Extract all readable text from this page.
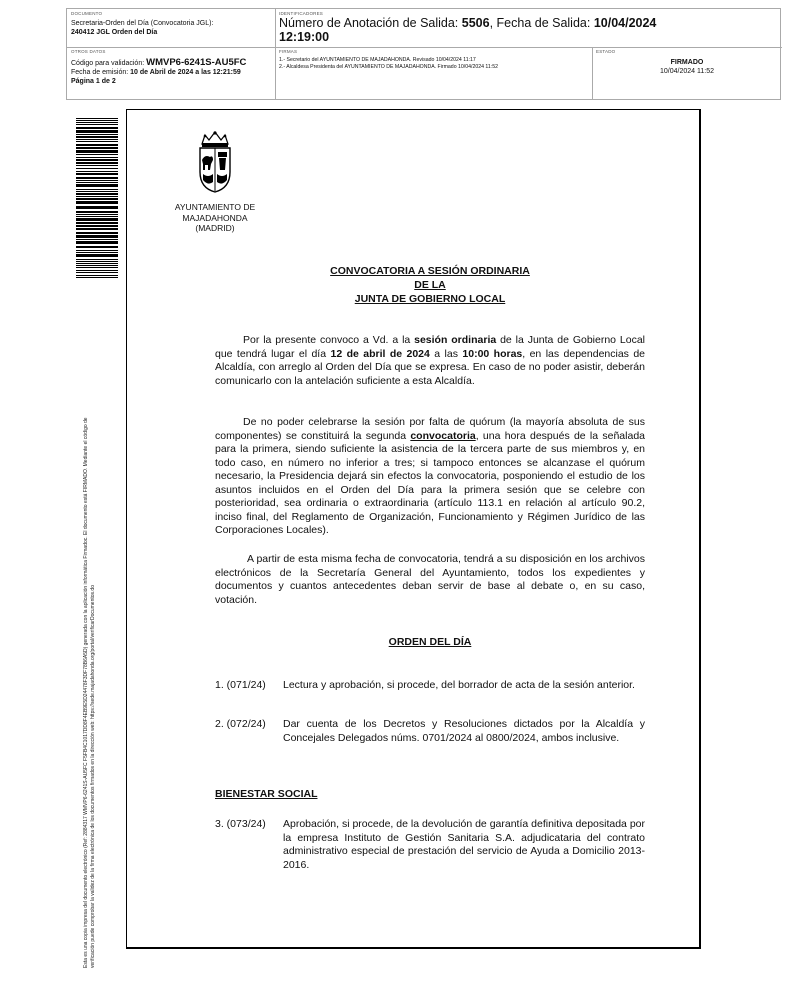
DOCUMENTO
Secretaria-Orden del Día (Convocatoria JGL):
240412 JGL Orden del Día
IDENTIFICADORES
Número de Anotación de Salida: 5506, Fecha de Salida: 10/04/2024
12:19:00
OTROS DATOS
Código para validación: WMVP6-6241S-AU5FC
Fecha de emisión: 10 de Abril de 2024 a las 12:21:59
Página 1 de 2
FIRMAS
1.- Secretario del AYUNTAMIENTO DE MAJADAHONDA. Revisado 10/04/2024 11:17
2.- Alcaldesa Presidenta del AYUNTAMIENTO DE MAJADAHONDA. Firmado 10/04/2024 11:52
ESTADO
FIRMADO
10/04/2024 11:52
Esta es una copia impresa del documento electrónico (Ref: 2884317 WMVP6-6241S-AU5FC F5FB4C1017DD8F4EB9E5D24478F3DF78B6A5D) generada con la aplicación informática Firmadoc. El documento está FIRMADO. Mediante el código de verificación puede comprobar la validez de la firma electrónica de los documentos firmados en la dirección web: https://sede.majadahonda.org/portal/verificarDocumentos.do
AYUNTAMIENTO DE
MAJADAHONDA
(MADRID)
CONVOCATORIA A SESIÓN ORDINARIA
DE LA
JUNTA DE GOBIERNO LOCAL

Por la presente convoco a Vd. a la sesión ordinaria de la Junta de Gobierno Local que tendrá lugar el día 12 de abril de 2024 a las 10:00 horas, en las dependencias de Alcaldía, con arreglo al Orden del Día que se expresa. En caso de no poder asistir, deberán comunicarlo con la antelación suficiente a esta Alcaldía.

De no poder celebrarse la sesión por falta de quórum (la mayoría absoluta de sus componentes) se constituirá la segunda convocatoria, una hora después de la señalada para la primera, siendo suficiente la asistencia de la tercera parte de sus miembros y, en todo caso, en número no inferior a tres; si tampoco entonces se alcanzase el quórum necesario, la Presidencia dejará sin efectos la convocatoria, posponiendo el estudio de los asuntos incluidos en el Orden del Día para la primera sesión que se celebre con posterioridad, sea ordinaria o extraordinaria (artículo 113.1 en relación al artículo 90.2, inciso final, del Reglamento de Organización, Funcionamiento y Régimen Jurídico de las Corporaciones Locales).

A partir de esta misma fecha de convocatoria, tendrá a su disposición en los archivos electrónicos de la Secretaría General del Ayuntamiento, todos los expedientes y documentos y cuantos antecedentes deban servir de base al debate o, en su caso, votación.

ORDEN DEL DÍA
1. (071/24)	Lectura y aprobación, si procede, del borrador de acta de la sesión anterior.
2. (072/24)	Dar cuenta de los Decretos y Resoluciones dictados por la Alcaldía y Concejales Delegados núms. 0701/2024 al 0800/2024, ambos inclusive.
BIENESTAR SOCIAL
3. (073/24)	Aprobación, si procede, de la devolución de garantía definitiva depositada por la empresa Instituto de Gestión Sanitaria S.A. adjudicataria del contrato administrativo especial de prestación del servicio de Ayuda a Domicilio 2013-2016.
